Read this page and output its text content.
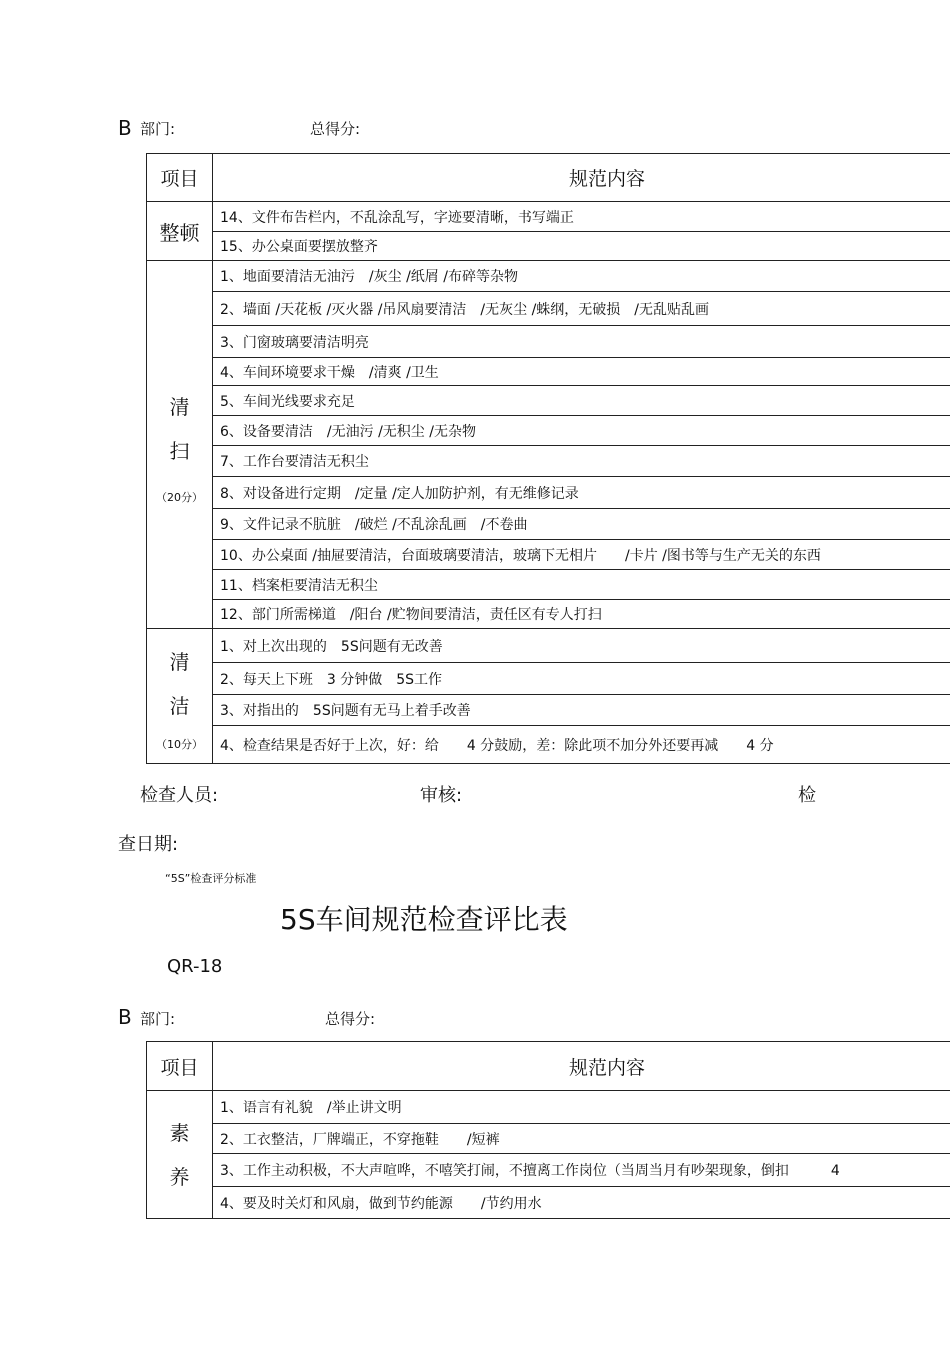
B 部门:	总得分:
项目	规范内容
整顿	14、文件布告栏内，不乱涂乱写，字迹要清晰，书写端正
	15、办公桌面要摆放整齐

清
扫
（20分）	1、地面要清洁无油污　/灰尘 /纸屑 /布碎等杂物
	2、墙面 /天花板 /灭火器 /吊风扇要清洁　/无灰尘 /蛛纲，无破损　/无乱贴乱画
	3、门窗玻璃要清洁明亮
	4、车间环境要求干燥　/清爽 /卫生
	5、车间光线要求充足
	6、设备要清洁　/无油污 /无积尘 /无杂物
	7、工作台要清洁无积尘
	8、对设备进行定期　/定量 /定人加防护剂，有无维修记录
	9、文件记录不肮脏　/破烂 /不乱涂乱画　/不卷曲
	10、办公桌面 /抽屉要清洁，台面玻璃要清洁，玻璃下无相片　　/卡片 /图书等与生产无关的东西
	11、档案柜要清洁无积尘
	12、部门所需梯道　/阳台 /贮物间要清洁，责任区有专人打扫

清
洁
（10分）	1、对上次出现的　5S问题有无改善
	2、每天上下班　3 分钟做　5S工作
	3、对指出的　5S问题有无马上着手改善
	4、检查结果是否好于上次，好：给　　4 分鼓励，差：除此项不加分外还要再减　　4 分
检查人员:	审核:	检
查日期:
“5S”检查评分标准
5S车间规范检查评比表
QR-18
B 部门:	总得分:
项目	规范内容

素
养	1、语言有礼貌　/举止讲文明
	2、工衣整洁，厂牌端正，不穿拖鞋　　/短裤
	3、工作主动积极，不大声喧哗，不嘻笑打闹，不擅离工作岗位（当周当月有吵架现象，倒扣　　　4
	4、要及时关灯和风扇，做到节约能源　　/节约用水
